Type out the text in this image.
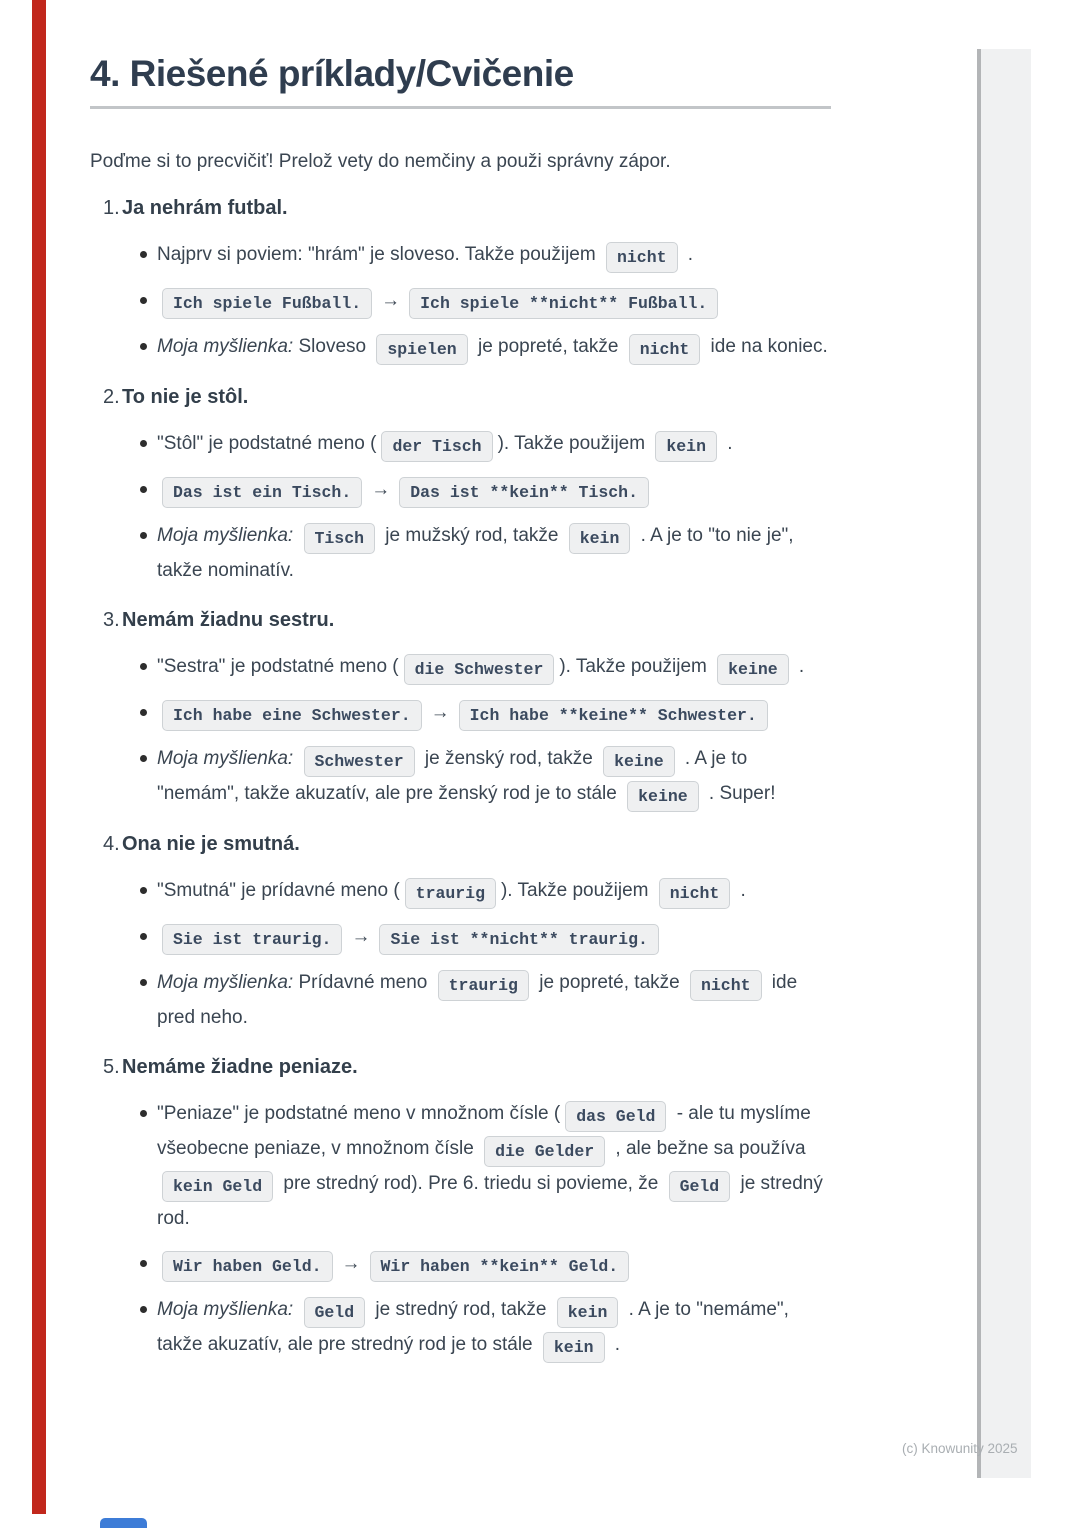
(c) Knowunity 2025
4. Riešené príklady/Cvičenie

Poďme si to precvičiť! Prelož vety do nemčiny a použi správny zápor.

1. Ja nehrám futbal.
Najprv si poviem: "hrám" je sloveso. Takže použijem nicht .
Ich spiele Fußball. → Ich spiele **nicht** Fußball.
Moja myšlienka: Sloveso spielen je popreté, takže nicht ide na koniec.
2. To nie je stôl.
"Stôl" je podstatné meno ( der Tisch ). Takže použijem kein .
Das ist ein Tisch. → Das ist **kein** Tisch.
Moja myšlienka: Tisch je mužský rod, takže kein . A je to "to nie je", takže nominatív.
3. Nemám žiadnu sestru.
"Sestra" je podstatné meno ( die Schwester ). Takže použijem keine .
Ich habe eine Schwester. → Ich habe **keine** Schwester.
Moja myšlienka: Schwester je ženský rod, takže keine . A je to "nemám", takže akuzatív, ale pre ženský rod je to stále keine . Super!
4. Ona nie je smutná.
"Smutná" je prídavné meno ( traurig ). Takže použijem nicht .
Sie ist traurig. → Sie ist **nicht** traurig.
Moja myšlienka: Prídavné meno traurig je popreté, takže nicht ide pred neho.
5. Nemáme žiadne peniaze.
"Peniaze" je podstatné meno v množnom čísle ( das Geld - ale tu myslíme všeobecne peniaze, v množnom čísle die Gelder , ale bežne sa používa kein Geld pre stredný rod). Pre 6. triedu si povieme, že Geld je stredný rod.
Wir haben Geld. → Wir haben **kein** Geld.
Moja myšlienka: Geld je stredný rod, takže kein . A je to "nemáme", takže akuzatív, ale pre stredný rod je to stále kein .
